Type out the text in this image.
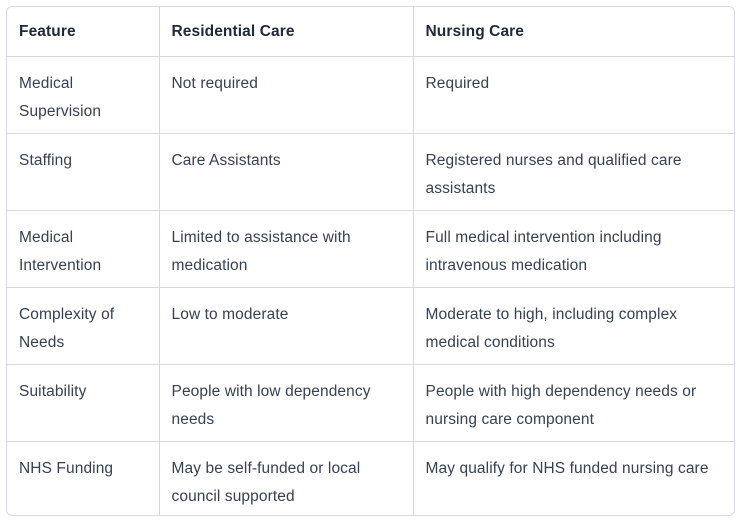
Feature	Residential Care	Nursing Care
Medical Supervision	Not required	Required
Staffing	Care Assistants	Registered nurses and qualified care assistants
Medical Intervention	Limited to assistance with medication	Full medical intervention including intravenous medication
Complexity of Needs	Low to moderate	Moderate to high, including complex medical conditions
Suitability	People with low dependency needs	People with high dependency needs or nursing care component
NHS Funding	May be self-funded or local council supported	May qualify for NHS funded nursing care
